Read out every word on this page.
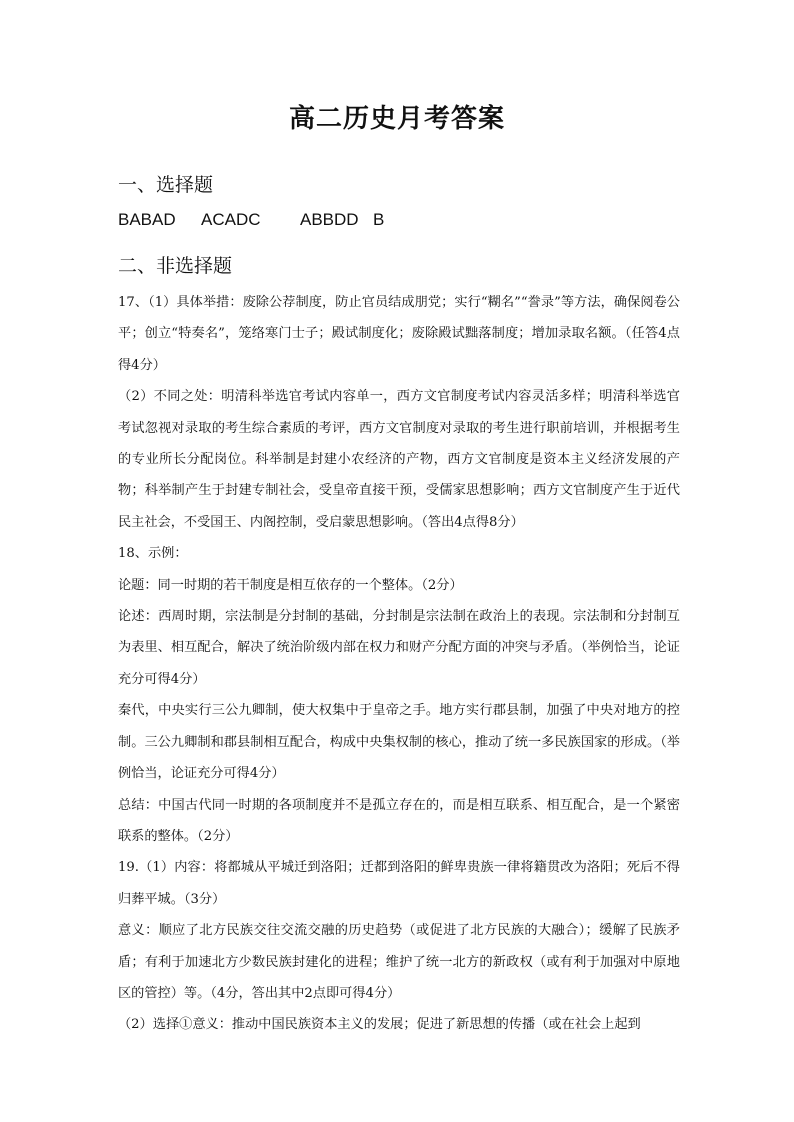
高二历史月考答案
一、选择题
BABAD ACADC ABBDD B
二、非选择题

17、（1）具体举措：废除公荐制度，防止官员结成朋党；实行“糊名”“誊录”等方法，确保阅卷公平；创立“特奏名”，笼络寒门士子；殿试制度化；废除殿试黜落制度；增加录取名额。（任答4点得4分）

（2）不同之处：明清科举选官考试内容单一，西方文官制度考试内容灵活多样；明清科举选官考试忽视对录取的考生综合素质的考评，西方文官制度对录取的考生进行职前培训，并根据考生的专业所长分配岗位。科举制是封建小农经济的产物，西方文官制度是资本主义经济发展的产物；科举制产生于封建专制社会，受皇帝直接干预，受儒家思想影响；西方文官制度产生于近代民主社会，不受国王、内阁控制，受启蒙思想影响。（答出4点得8分）

18、示例：

论题：同一时期的若干制度是相互依存的一个整体。（2分）

论述：西周时期，宗法制是分封制的基础，分封制是宗法制在政治上的表现。宗法制和分封制互为表里、相互配合，解决了统治阶级内部在权力和财产分配方面的冲突与矛盾。（举例恰当，论证充分可得4分）

秦代，中央实行三公九卿制，使大权集中于皇帝之手。地方实行郡县制，加强了中央对地方的控制。三公九卿制和郡县制相互配合，构成中央集权制的核心，推动了统一多民族国家的形成。（举例恰当，论证充分可得4分）

总结：中国古代同一时期的各项制度并不是孤立存在的，而是相互联系、相互配合，是一个紧密联系的整体。（2分）

19.（1）内容：将都城从平城迁到洛阳；迁都到洛阳的鲜卑贵族一律将籍贯改为洛阳；死后不得归葬平城。（3分）

意义：顺应了北方民族交往交流交融的历史趋势（或促进了北方民族的大融合）；缓解了民族矛盾；有利于加速北方少数民族封建化的进程；维护了统一北方的新政权（或有利于加强对中原地区的管控）等。（4分，答出其中2点即可得4分）

（2）选择①意义：推动中国民族资本主义的发展；促进了新思想的传播（或在社会上起到
